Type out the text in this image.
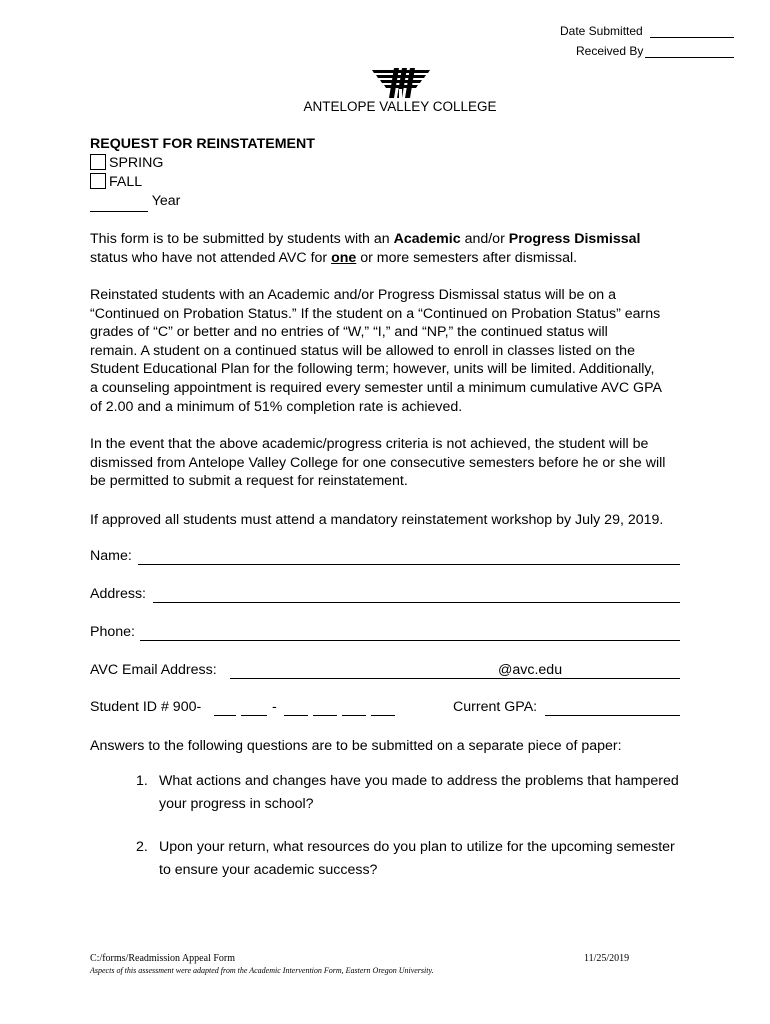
Date Submitted
Received By
ANTELOPE VALLEY COLLEGE
REQUEST FOR REINSTATEMENT
SPRING
FALL
Year
This form is to be submitted by students with an Academic and/or Progress Dismissal
status who have not attended AVC for one or more semesters after dismissal.
Reinstated students with an Academic and/or Progress Dismissal status will be on a
“Continued on Probation Status.” If the student on a “Continued on Probation Status” earns
grades of “C” or better and no entries of “W,” “I,” and “NP,” the continued status will
remain. A student on a continued status will be allowed to enroll in classes listed on the
Student Educational Plan for the following term; however, units will be limited. Additionally,
a counseling appointment is required every semester until a minimum cumulative AVC GPA
of 2.00 and a minimum of 51% completion rate is achieved.
In the event that the above academic/progress criteria is not achieved, the student will be
dismissed from Antelope Valley College for one consecutive semesters before he or she will
be permitted to submit a request for reinstatement.
If approved all students must attend a mandatory reinstatement workshop by July 29, 2019.
Name:
Address:
Phone:
AVC Email Address:	@avc.edu
Student ID # 900-	-	Current GPA:
Answers to the following questions are to be submitted on a separate piece of paper:
1. What actions and changes have you made to address the problems that hampered
your progress in school?
2. Upon your return, what resources do you plan to utilize for the upcoming semester
to ensure your academic success?
C:/forms/Readmission Appeal Form	11/25/2019
Aspects of this assessment were adapted from the Academic Intervention Form, Eastern Oregon University.
